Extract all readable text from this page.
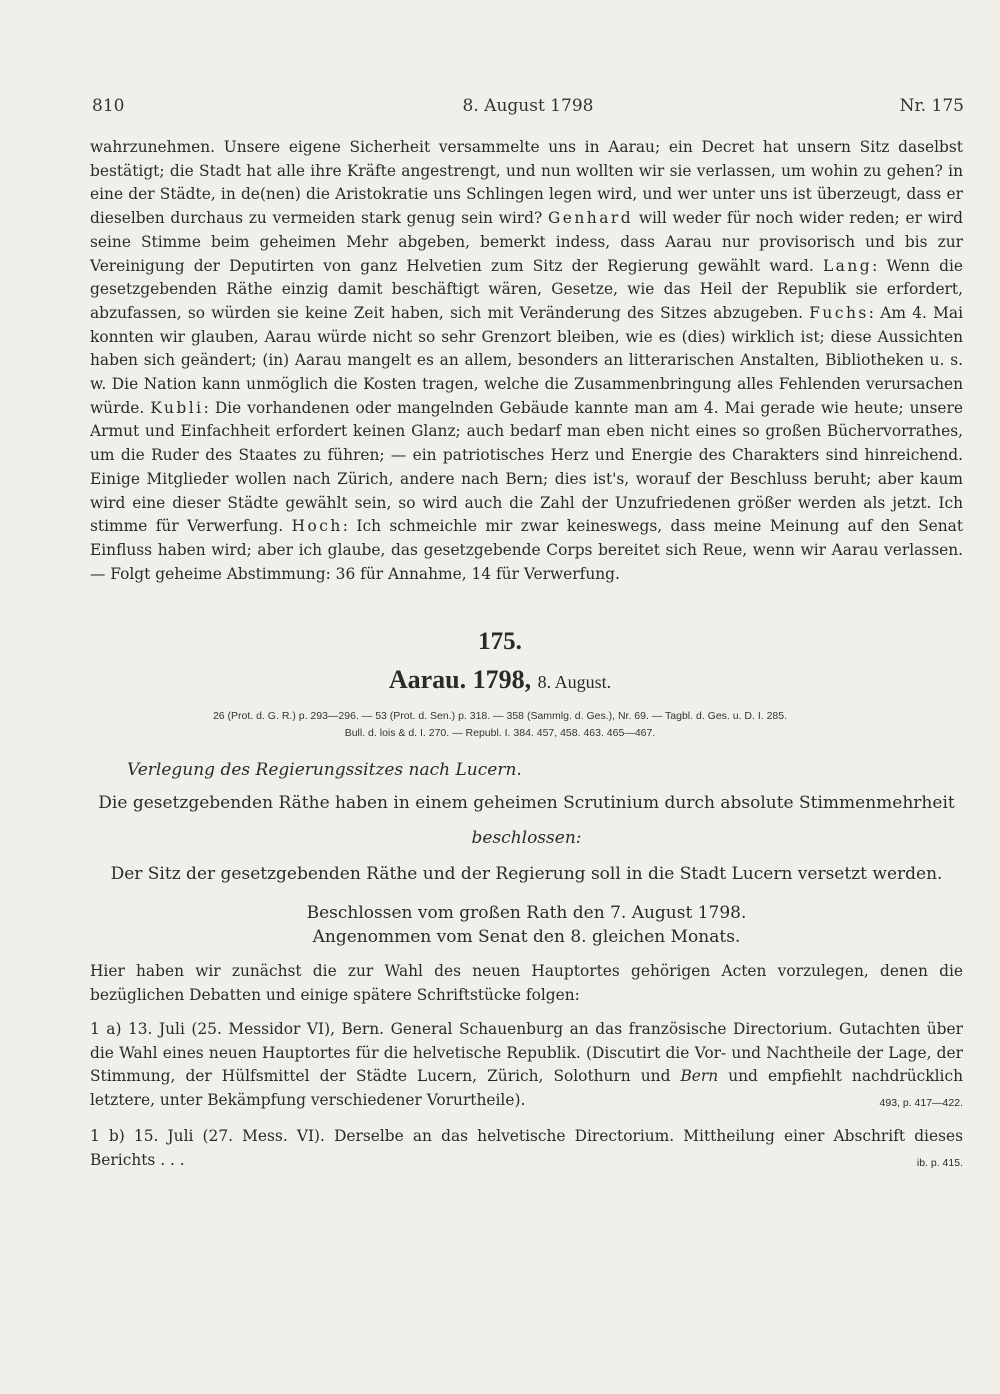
810	8. August 1798	Nr. 175

wahrzunehmen. Unsere eigene Sicherheit versammelte uns in Aarau; ein Decret hat unsern Sitz daselbst bestätigt; die Stadt hat alle ihre Kräfte angestrengt, und nun wollten wir sie verlassen, um wohin zu gehen? in eine der Städte, in de(nen) die Aristokratie uns Schlingen legen wird, und wer unter uns ist überzeugt, dass er dieselben durchaus zu vermeiden stark genug sein wird? Genhard will weder für noch wider reden; er wird seine Stimme beim geheimen Mehr abgeben, bemerkt indess, dass Aarau nur provisorisch und bis zur Vereinigung der Deputirten von ganz Helvetien zum Sitz der Regierung gewählt ward. Lang: Wenn die gesetzgebenden Räthe einzig damit beschäftigt wären, Gesetze, wie das Heil der Republik sie erfordert, abzufassen, so würden sie keine Zeit haben, sich mit Veränderung des Sitzes abzugeben. Fuchs: Am 4. Mai konnten wir glauben, Aarau würde nicht so sehr Grenzort bleiben, wie es (dies) wirklich ist; diese Aussichten haben sich geändert; (in) Aarau mangelt es an allem, besonders an litterarischen Anstalten, Bibliotheken u. s. w. Die Nation kann unmöglich die Kosten tragen, welche die Zusammenbringung alles Fehlenden verursachen würde. Kubli: Die vorhandenen oder mangelnden Gebäude kannte man am 4. Mai gerade wie heute; unsere Armut und Einfachheit erfordert keinen Glanz; auch bedarf man eben nicht eines so großen Büchervorrathes, um die Ruder des Staates zu führen; — ein patriotisches Herz und Energie des Charakters sind hinreichend. Einige Mitglieder wollen nach Zürich, andere nach Bern; dies ist's, worauf der Beschluss beruht; aber kaum wird eine dieser Städte gewählt sein, so wird auch die Zahl der Unzufriedenen größer werden als jetzt. Ich stimme für Verwerfung. Hoch: Ich schmeichle mir zwar keineswegs, dass meine Meinung auf den Senat Einfluss haben wird; aber ich glaube, das gesetzgebende Corps bereitet sich Reue, wenn wir Aarau verlassen. — Folgt geheime Abstimmung: 36 für Annahme, 14 für Verwerfung.

175.
Aarau. 1798, 8. August.
26 (Prot. d. G. R.) p. 293—296. — 53 (Prot. d. Sen.) p. 318. — 358 (Sammlg. d. Ges.), Nr. 69. — Tagbl. d. Ges. u. D. I. 285.
Bull. d. lois & d. I. 270. — Republ. I. 384. 457, 458. 463. 465—467.
Verlegung des Regierungssitzes nach Lucern.
Die gesetzgebenden Räthe haben in einem geheimen Scrutinium durch absolute Stimmenmehrheit
beschlossen:
Der Sitz der gesetzgebenden Räthe und der Regierung soll in die Stadt Lucern versetzt werden.
Beschlossen vom großen Rath den 7. August 1798.
Angenommen vom Senat den 8. gleichen Monats.
Hier haben wir zunächst die zur Wahl des neuen Hauptortes gehörigen Acten vorzulegen, denen die bezüglichen Debatten und einige spätere Schriftstücke folgen:

1 a) 13. Juli (25. Messidor VI), Bern. General Schauenburg an das französische Directorium. Gutachten über die Wahl eines neuen Hauptortes für die helvetische Republik. (Discutirt die Vor- und Nachtheile der Lage, der Stimmung, der Hülfsmittel der Städte Lucern, Zürich, Solothurn und Bern und empfiehlt nachdrücklich letztere, unter Bekämpfung verschiedener Vorurtheile).	493, p. 417—422.

1 b) 15. Juli (27. Mess. VI). Derselbe an das helvetische Directorium. Mittheilung einer Abschrift dieses Berichts . . .	ib. p. 415.
